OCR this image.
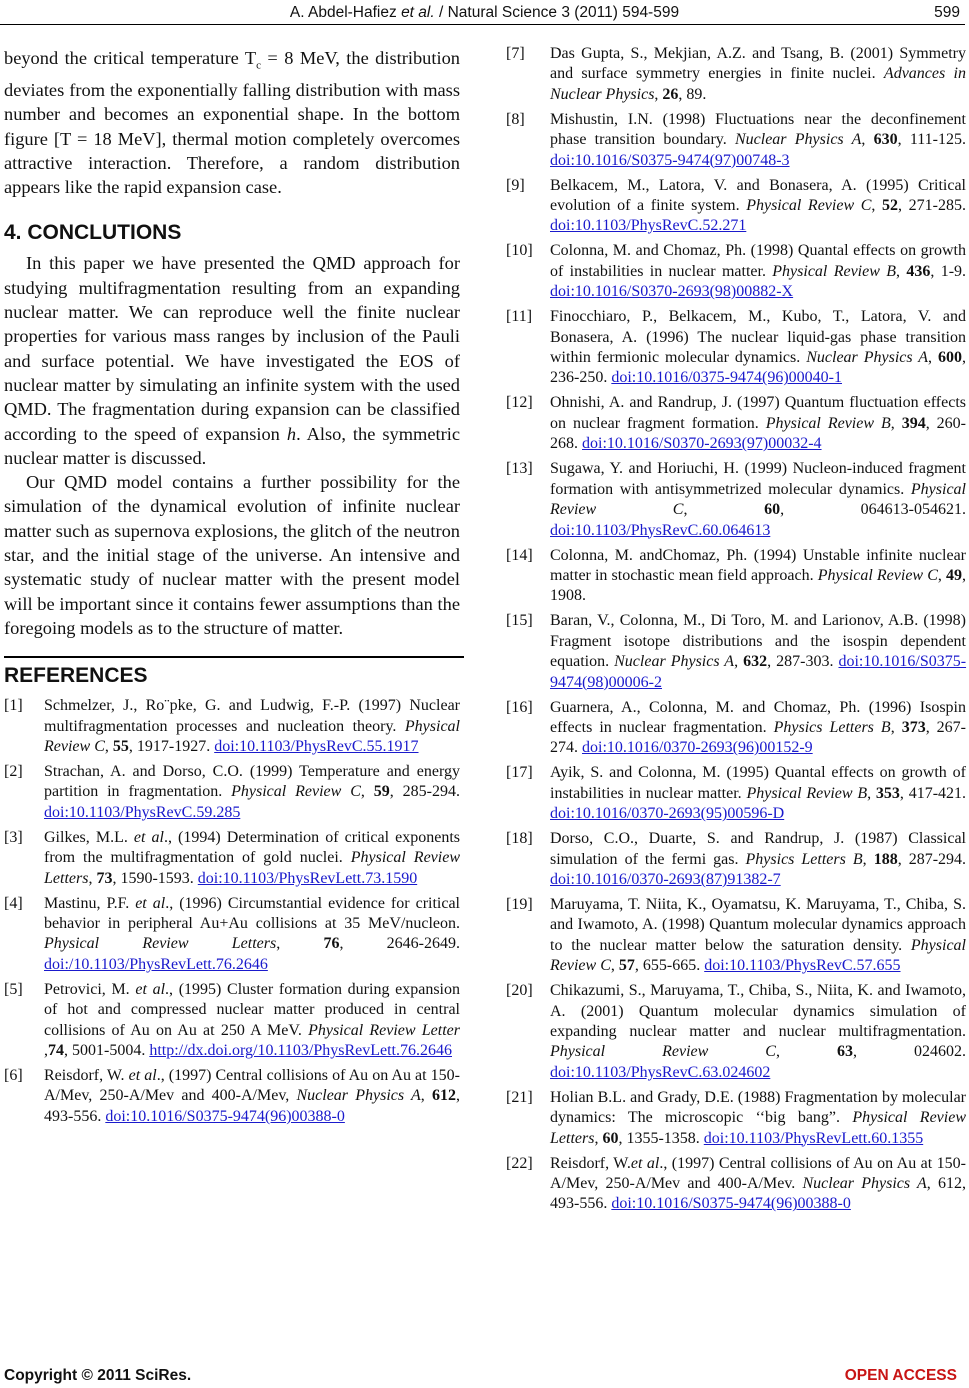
A. Abdel-Hafiez et al. / Natural Science 3 (2011) 594-599	599

beyond the critical temperature $T_c = 8$ MeV, the distribution deviates from the exponentially falling distribution with mass number and becomes an exponential shape. In the bottom figure [T = 18 MeV], thermal motion completely overcomes attractive interaction. Therefore, a random distribution appears like the rapid expansion case.

4. CONCLUTIONS

In this paper we have presented the QMD approach for studying multifragmentation resulting from an expanding nuclear matter. We can reproduce well the finite nuclear properties for various mass ranges by inclusion of the Pauli and surface potential. We have investigated the EOS of nuclear matter by simulating an infinite system with the used QMD. The fragmentation during expansion can be classified according to the speed of expansion h. Also, the symmetric nuclear matter is discussed.

Our QMD model contains a further possibility for the simulation of the dynamical evolution of infinite nuclear matter such as supernova explosions, the glitch of the neutron star, and the initial stage of the universe. An intensive and systematic study of nuclear matter with the present model will be important since it contains fewer assumptions than the foregoing models as to the structure of matter.

REFERENCES
[1]	Schmelzer, J., Ro¨pke, G. and Ludwig, F.-P. (1997) Nuclear multifragmentation processes and nucleation theory. Physical Review C, 55, 1917-1927. doi:10.1103/PhysRevC.55.1917
[2]	Strachan, A. and Dorso, C.O. (1999) Temperature and energy partition in fragmentation. Physical Review C, 59, 285-294. doi:10.1103/PhysRevC.59.285
[3]	Gilkes, M.L. et al., (1994) Determination of critical exponents from the multifragmentation of gold nuclei. Physical Review Letters, 73, 1590-1593. doi:10.1103/PhysRevLett.73.1590
[4]	Mastinu, P.F. et al., (1996) Circumstantial evidence for critical behavior in peripheral Au+Au collisions at 35 MeV/nucleon. Physical Review Letters, 76, 2646-2649. doi:/10.1103/PhysRevLett.76.2646
[5]	Petrovici, M. et al., (1995) Cluster formation during expansion of hot and compressed nuclear matter produced in central collisions of Au on Au at 250 A MeV. Physical Review Letter ,74, 5001-5004. http://dx.doi.org/10.1103/PhysRevLett.76.2646
[6]	Reisdorf, W. et al., (1997) Central collisions of Au on Au at 150-A/Mev, 250-A/Mev and 400-A/Mev, Nuclear Physics A, 612, 493-556. doi:10.1016/S0375-9474(96)00388-0
[7]	Das Gupta, S., Mekjian, A.Z. and Tsang, B. (2001) Symmetry and surface symmetry energies in finite nuclei. Advances in Nuclear Physics, 26, 89.
[8]	Mishustin, I.N. (1998) Fluctuations near the deconfinement phase transition boundary. Nuclear Physics A, 630, 111-125. doi:10.1016/S0375-9474(97)00748-3
[9]	Belkacem, M., Latora, V. and Bonasera, A. (1995) Critical evolution of a finite system. Physical Review C, 52, 271-285. doi:10.1103/PhysRevC.52.271
[10]	Colonna, M. and Chomaz, Ph. (1998) Quantal effects on growth of instabilities in nuclear matter. Physical Review B, 436, 1-9. doi:10.1016/S0370-2693(98)00882-X
[11]	Finocchiaro, P., Belkacem, M., Kubo, T., Latora, V. and Bonasera, A. (1996) The nuclear liquid-gas phase transition within fermionic molecular dynamics. Nuclear Physics A, 600, 236-250. doi:10.1016/0375-9474(96)00040-1
[12]	Ohnishi, A. and Randrup, J. (1997) Quantum fluctuation effects on nuclear fragment formation. Physical Review B, 394, 260-268. doi:10.1016/S0370-2693(97)00032-4
[13]	Sugawa, Y. and Horiuchi, H. (1999) Nucleon-induced fragment formation with antisymmetrized molecular dynamics. Physical Review C, 60, 064613-054621. doi:10.1103/PhysRevC.60.064613
[14]	Colonna, M. andChomaz, Ph. (1994) Unstable infinite nuclear matter in stochastic mean field approach. Physical Review C, 49, 1908.
[15]	Baran, V., Colonna, M., Di Toro, M. and Larionov, A.B. (1998) Fragment isotope distributions and the isospin dependent equation. Nuclear Physics A, 632, 287-303. doi:10.1016/S0375-9474(98)00006-2
[16]	Guarnera, A., Colonna, M. and Chomaz, Ph. (1996) Isospin effects in nuclear fragmentation. Physics Letters B, 373, 267-274. doi:10.1016/0370-2693(96)00152-9
[17]	Ayik, S. and Colonna, M. (1995) Quantal effects on growth of instabilities in nuclear matter. Physical Review B, 353, 417-421. doi:10.1016/0370-2693(95)00596-D
[18]	Dorso, C.O., Duarte, S. and Randrup, J. (1987) Classical simulation of the fermi gas. Physics Letters B, 188, 287-294. doi:10.1016/0370-2693(87)91382-7
[19]	Maruyama, T. Niita, K., Oyamatsu, K. Maruyama, T., Chiba, S. and Iwamoto, A. (1998) Quantum molecular dynamics approach to the nuclear matter below the saturation density. Physical Review C, 57, 655-665. doi:10.1103/PhysRevC.57.655
[20]	Chikazumi, S., Maruyama, T., Chiba, S., Niita, K. and Iwamoto, A. (2001) Quantum molecular dynamics simulation of expanding nuclear matter and nuclear multifragmentation. Physical Review C, 63, 024602. doi:10.1103/PhysRevC.63.024602
[21]	Holian B.L. and Grady, D.E. (1988) Fragmentation by molecular dynamics: The microscopic ‘‘big bang”. Physical Review Letters, 60, 1355-1358. doi:10.1103/PhysRevLett.60.1355
[22]	Reisdorf, W.et al., (1997) Central collisions of Au on Au at 150-A/Mev, 250-A/Mev and 400-A/Mev. Nuclear Physics A, 612, 493-556. doi:10.1016/S0375-9474(96)00388-0
Copyright © 2011 SciRes.	OPEN ACCESS
